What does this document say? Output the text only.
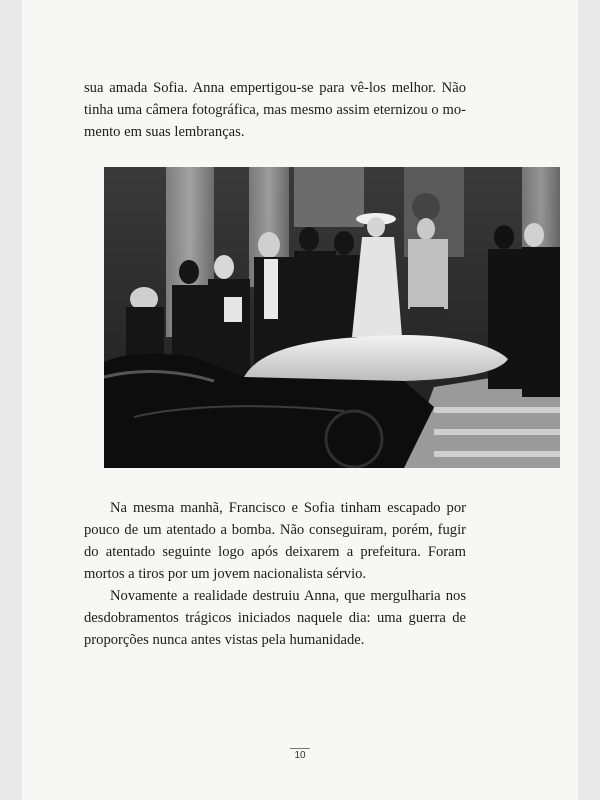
sua amada Sofia. Anna empertigou-se para vê-los melhor. Não
tinha uma câmera fotográfica, mas mesmo assim eternizou o mo-
mento em suas lembranças.

Na mesma manhã, Francisco e Sofia tinham escapado por
pouco de um atentado a bomba. Não conseguiram, porém, fugir
do atentado seguinte logo após deixarem a prefeitura. Foram
mortos a tiros por um jovem nacionalista sérvio.

Novamente a realidade destruiu Anna, que mergulharia nos
desdobramentos trágicos iniciados naquele dia: uma guerra de
proporções nunca antes vistas pela humanidade.

10
